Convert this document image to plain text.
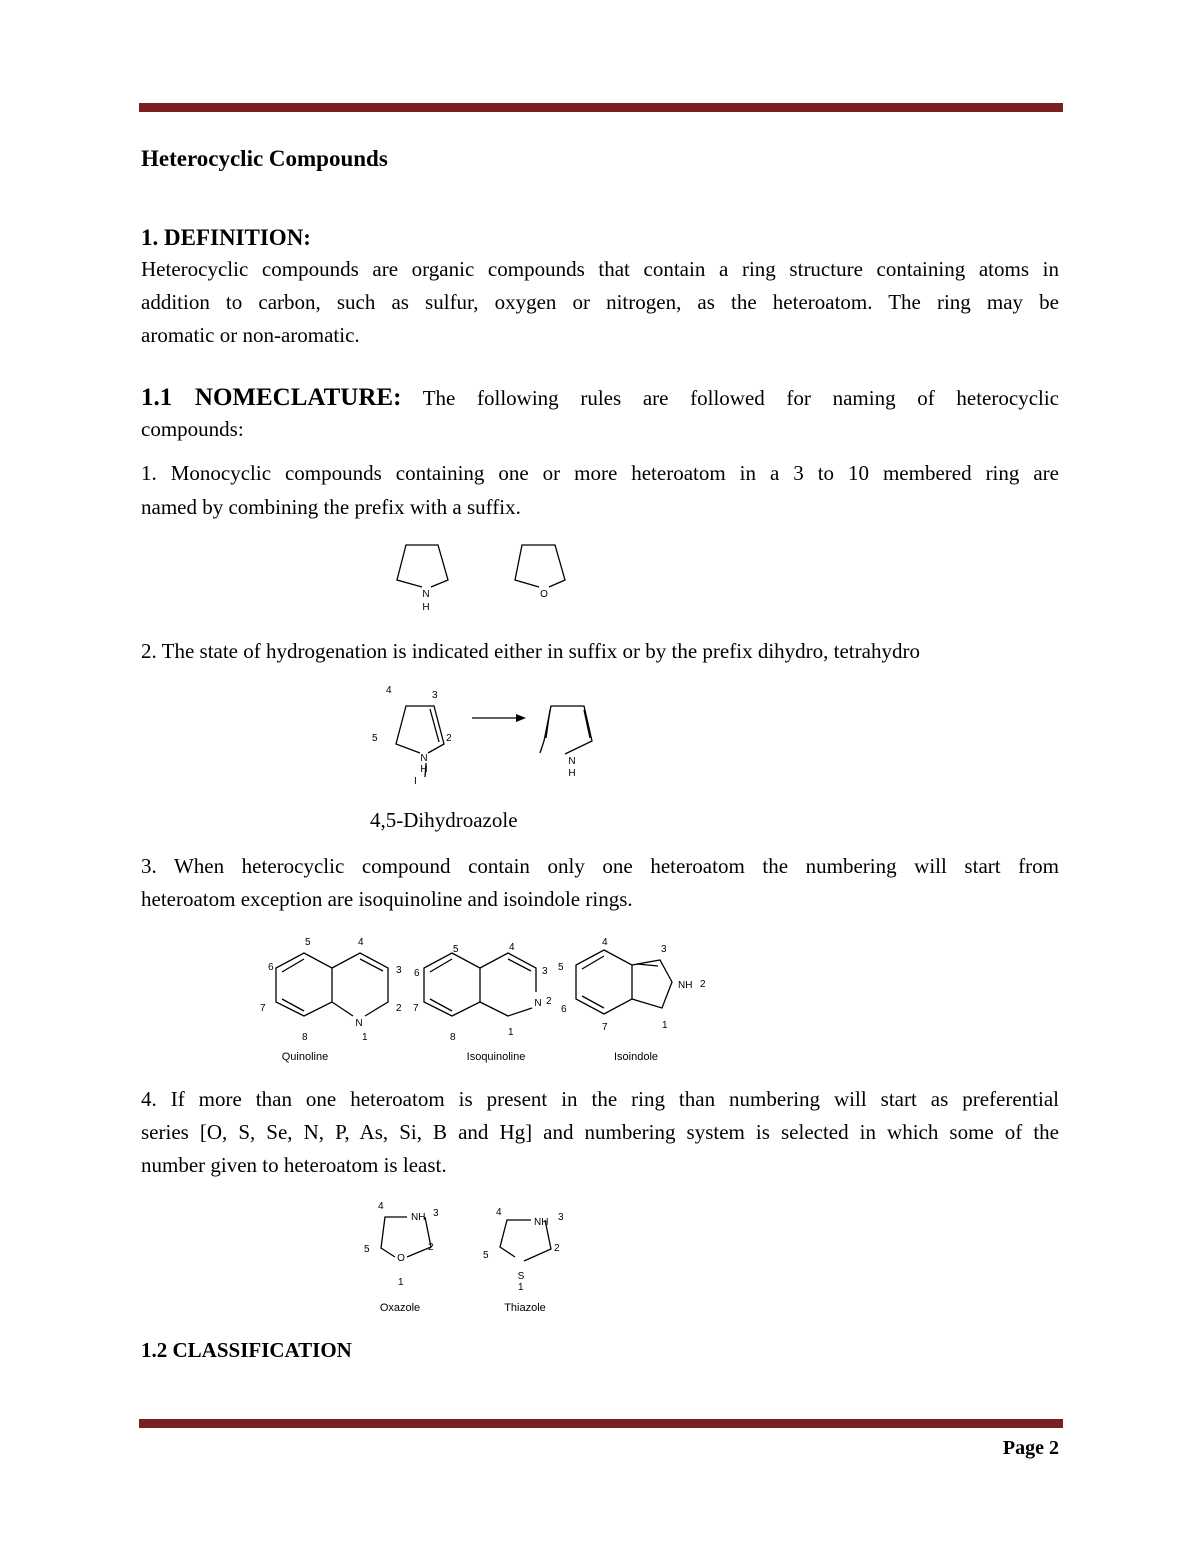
Heterocyclic Compounds
1. DEFINITION:
Heterocyclic compounds are organic compounds that contain a ring structure containing atoms in
addition to carbon, such as sulfur, oxygen or nitrogen, as the heteroatom. The ring may be
aromatic or non-aromatic.
1.1 NOMECLATURE: The following rules are followed for naming of heterocyclic
compounds:
1. Monocyclic compounds containing one or more heteroatom in a 3 to 10 membered ring are
named by combining the prefix with a suffix.
N
H
O
2. The state of hydrogenation is indicated either in suffix or by the prefix dihydro, tetrahydro
4	3
2
5
N
H
I
N
H
4,5-Dihydroazole
3. When heterocyclic compound contain only one heteroatom the numbering will start from
heteroatom exception are isoquinoline and isoindole rings.
N
5	4
3
2
1
8
7
6
Quinoline
N
5	4
3
2
1
8
7
6
Isoquinoline
NH
4
3
2
1
7
6
5
Isoindole
4. If more than one heteroatom is present in the ring than numbering will start as preferential
series [O, S, Se, N, P, As, Si, B and Hg] and numbering system is selected in which some of the
number given to heteroatom is least.
O
NH
4
3
2
1
5
Oxazole
S
NH
4	3
2
1
5
Thiazole
1.2 CLASSIFICATION
Page 2
